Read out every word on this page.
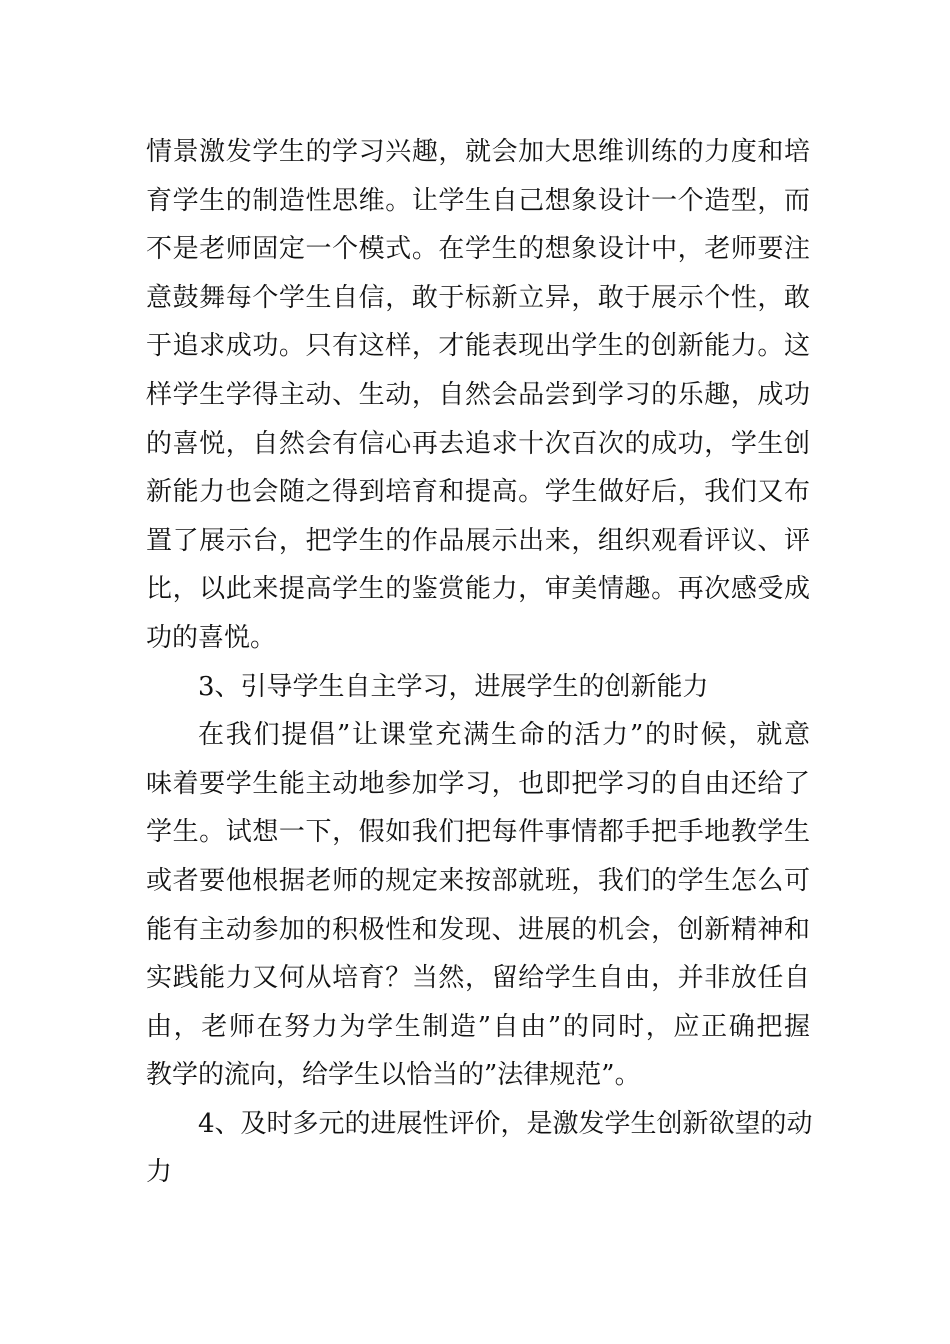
情景激发学生的学习兴趣，就会加大思维训练的力度和培
育学生的制造性思维。让学生自己想象设计一个造型，而
不是老师固定一个模式。在学生的想象设计中，老师要注
意鼓舞每个学生自信，敢于标新立异，敢于展示个性，敢
于追求成功。只有这样，才能表现出学生的创新能力。这
样学生学得主动、生动，自然会品尝到学习的乐趣，成功
的喜悦，自然会有信心再去追求十次百次的成功，学生创
新能力也会随之得到培育和提高。学生做好后，我们又布
置了展示台，把学生的作品展示出来，组织观看评议、评
比，以此来提高学生的鉴赏能力，审美情趣。再次感受成
功的喜悦。
3、引导学生自主学习，进展学生的创新能力
在我们提倡”让课堂充满生命的活力”的时候，就意
味着要学生能主动地参加学习，也即把学习的自由还给了
学生。试想一下，假如我们把每件事情都手把手地教学生
或者要他根据老师的规定来按部就班，我们的学生怎么可
能有主动参加的积极性和发现、进展的机会，创新精神和
实践能力又何从培育？当然，留给学生自由，并非放任自
由，老师在努力为学生制造”自由”的同时，应正确把握
教学的流向，给学生以恰当的”法律规范”。
4、及时多元的进展性评价，是激发学生创新欲望的动
力
